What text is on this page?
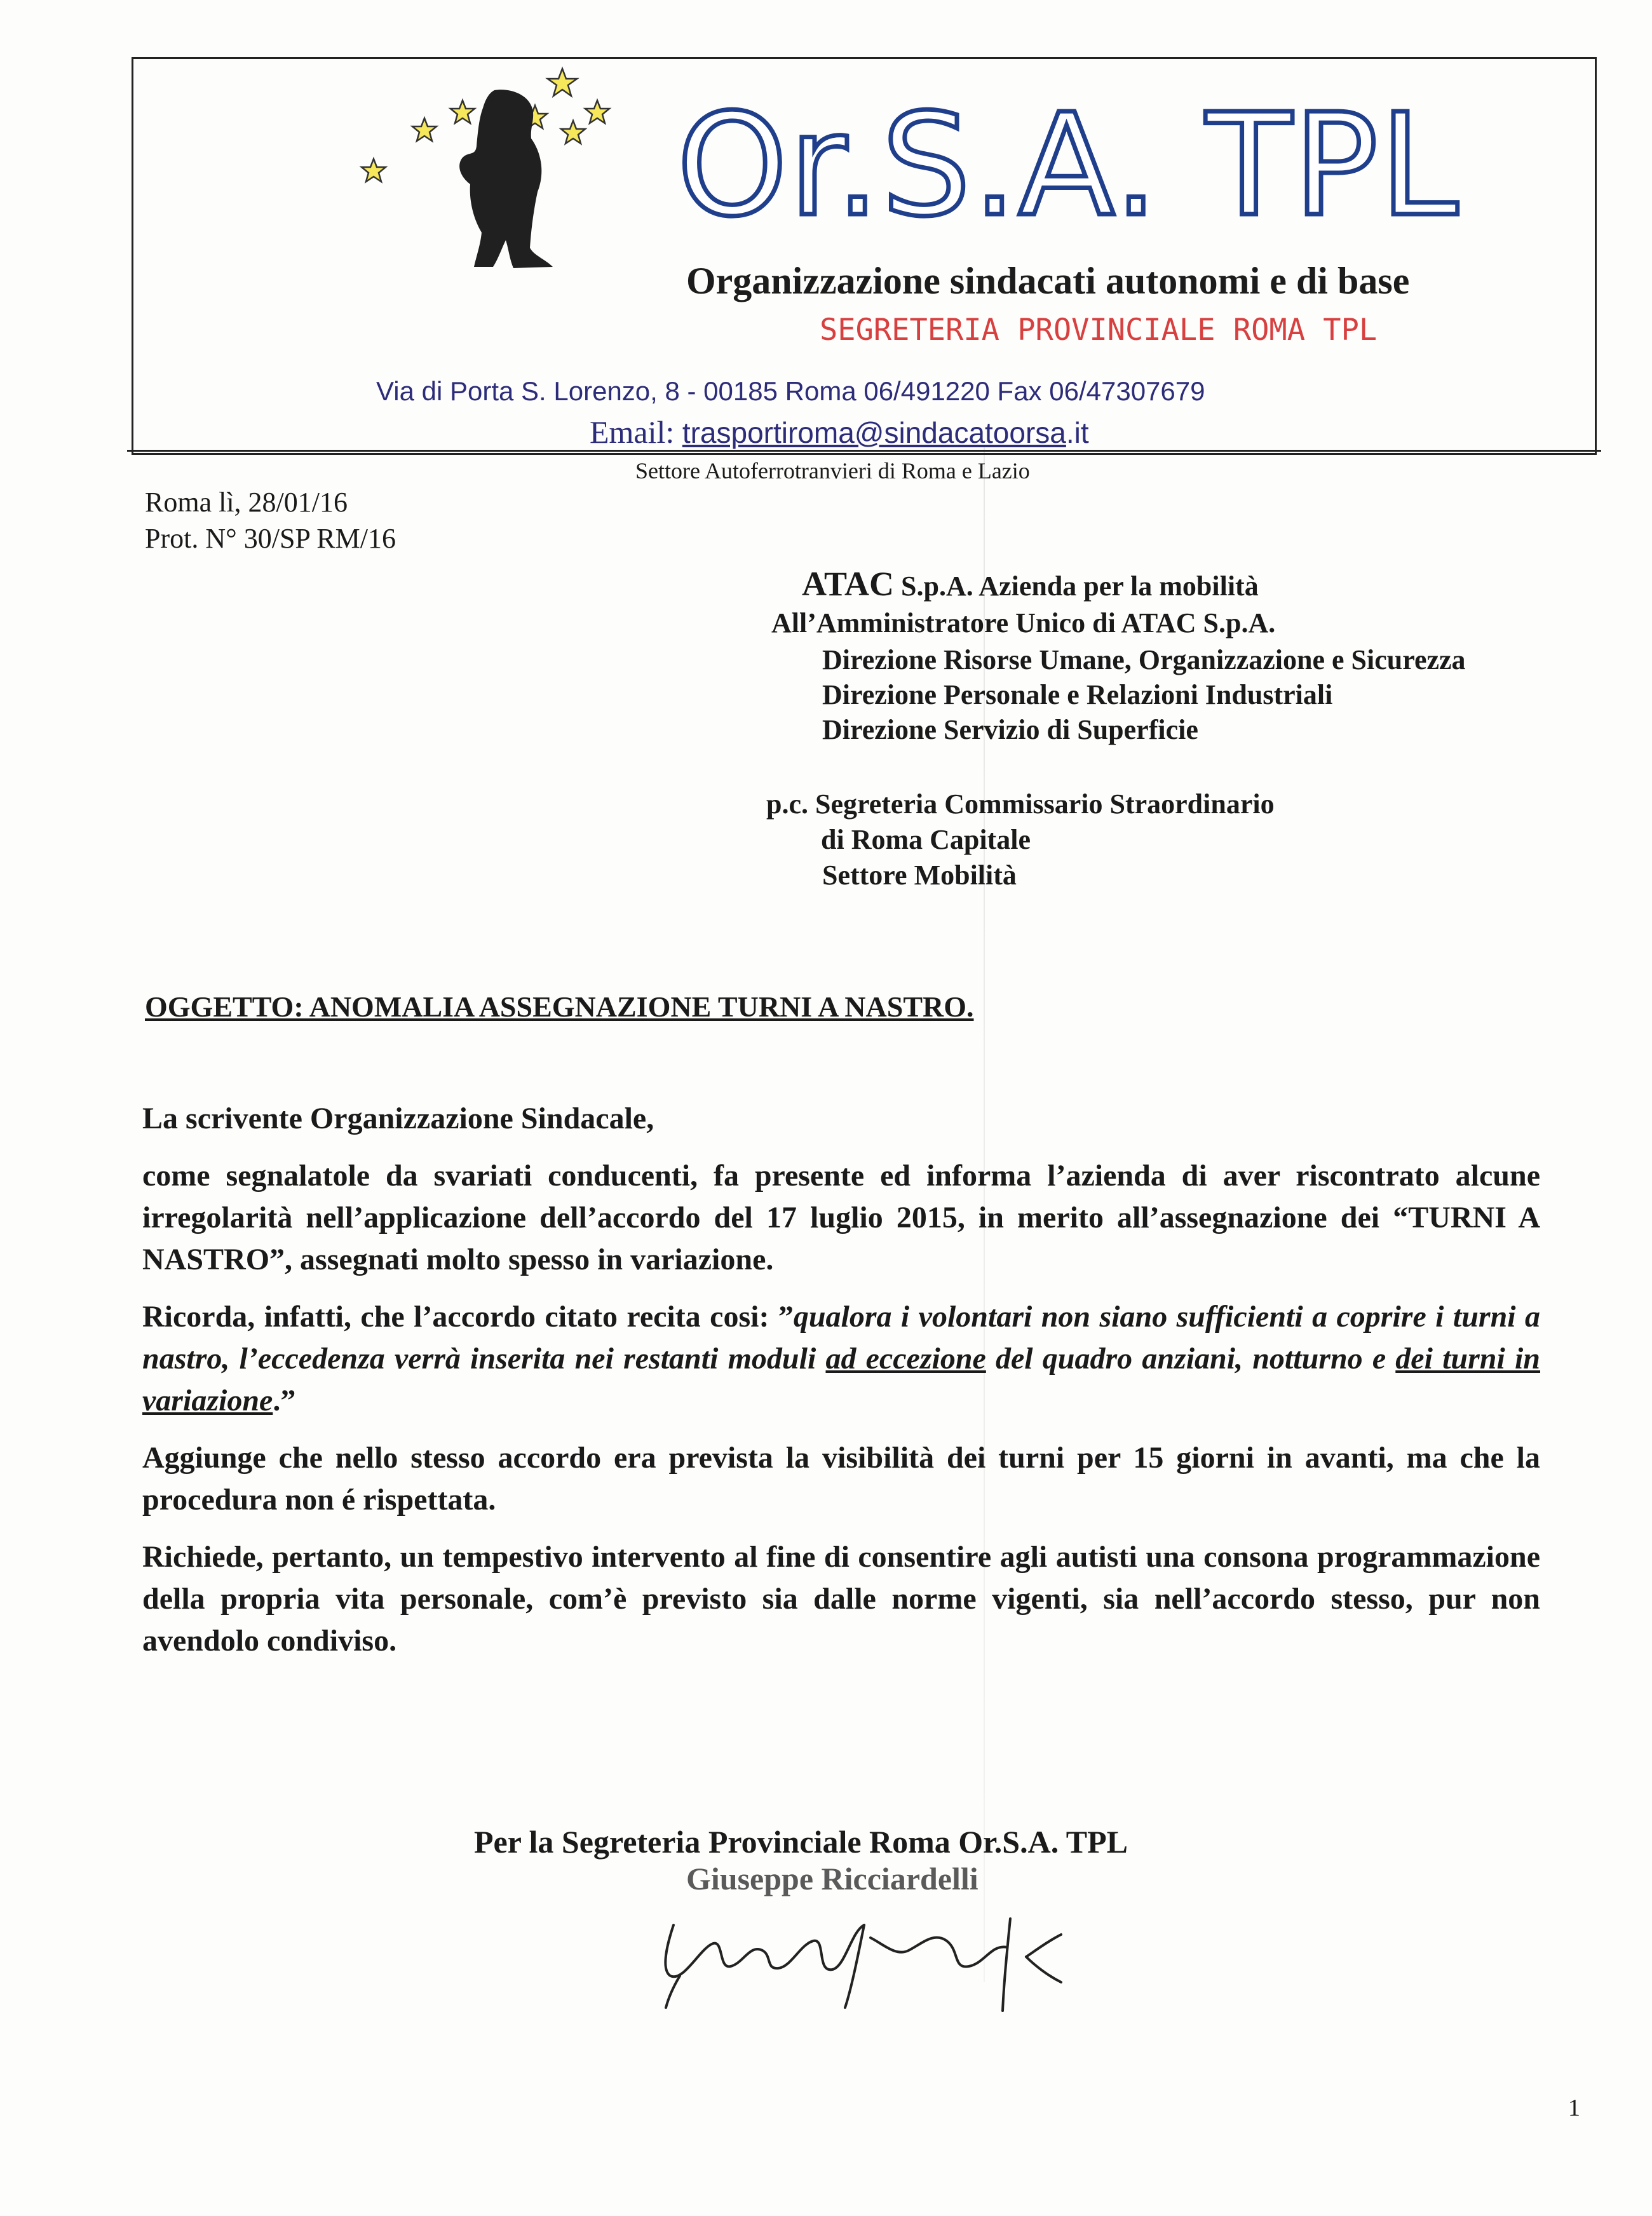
Or.S.A. TPL
Organizzazione sindacati autonomi e di base
SEGRETERIA PROVINCIALE ROMA TPL
Via di Porta S. Lorenzo, 8 - 00185 Roma 06/491220 Fax 06/47307679
Email: trasportiroma@sindacatoorsa.it
Settore Autoferrotranvieri di Roma e Lazio
Roma lì, 28/01/16
Prot. N° 30/SP RM/16
ATAC S.p.A. Azienda per la mobilità
All’Amministratore Unico di ATAC S.p.A.
Direzione Risorse Umane, Organizzazione e Sicurezza
Direzione Personale e Relazioni Industriali
Direzione Servizio di Superficie
p.c. Segreteria Commissario Straordinario
di Roma Capitale
Settore Mobilità
OGGETTO: ANOMALIA ASSEGNAZIONE TURNI A NASTRO.

La scrivente Organizzazione Sindacale,

come segnalatole da svariati conducenti, fa presente ed informa l’azienda di aver riscontrato alcune irregolarità nell’applicazione dell’accordo del 17 luglio 2015, in merito all’assegnazione dei “TURNI A NASTRO”, assegnati molto spesso in variazione.

Ricorda, infatti, che l’accordo citato recita cosi: ”qualora i volontari non siano sufficienti a coprire i turni a nastro, l’eccedenza verrà inserita nei restanti moduli ad eccezione del quadro anziani, notturno e dei turni in variazione.”

Aggiunge che nello stesso accordo era prevista la visibilità dei turni per 15 giorni in avanti, ma che la procedura non é rispettata.

Richiede, pertanto, un tempestivo intervento al fine di consentire agli autisti una consona programmazione della propria vita personale, com’è previsto sia dalle norme vigenti, sia nell’accordo stesso, pur non avendolo condiviso.

Per la Segreteria Provinciale Roma Or.S.A. TPL
Giuseppe Ricciardelli
1
